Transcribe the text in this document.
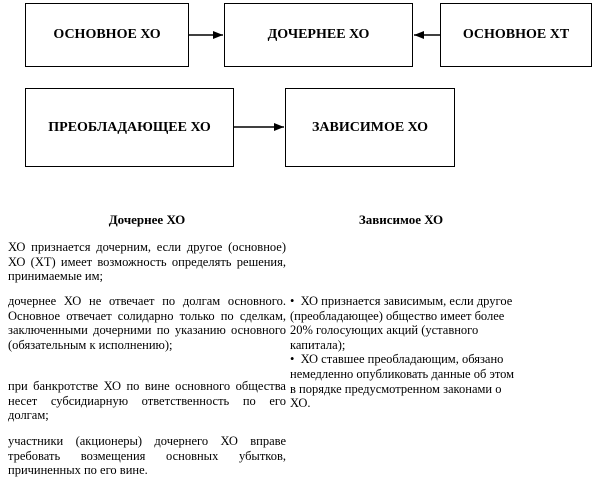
ОСНОВНОЕ ХО	ДОЧЕРНЕЕ ХО	ОСНОВНОЕ ХТ
ПРЕОБЛАДАЮЩЕЕ ХО	ЗАВИСИМОЕ ХО
Дочернее ХО

ХО признается дочерним, если другое (основное) ХО (ХТ) имеет возможность определять решения, принимаемые им;

дочернее ХО не отвечает по долгам основного. Основное отвечает солидарно только по сделкам, заключенными дочерними по указанию основного (обязательным к исполнению);

при банкротстве ХО по вине основного общества несет субсидиарную ответственность по его долгам;

участники (акционеры) дочернего ХО вправе требовать возмещения основных убытков, причиненных по его вине.

Зависимое ХО

• ХО признается зависимым, если другое (преобладающее) общество имеет более 20% голосующих акций (уставного капитала);

• ХО ставшее преобладающим, обязано немедленно опубликовать данные об этом в порядке предусмотренном законами о ХО.
